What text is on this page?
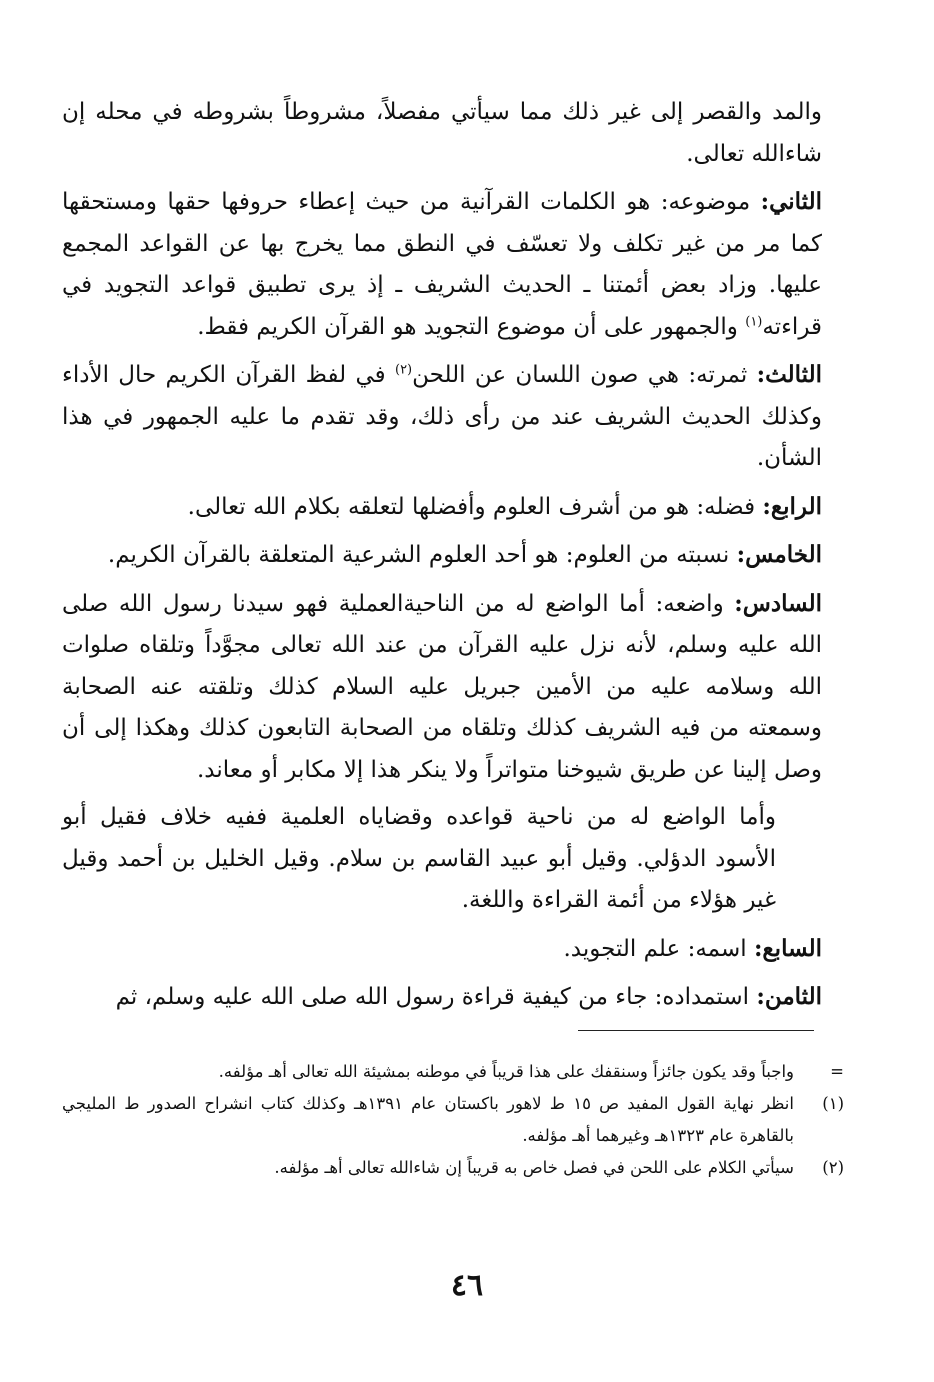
والمد والقصر إلى غير ذلك مما سيأتي مفصلاً، مشروطاً بشروطه في محله إن شاءالله تعالى.

الثاني: موضوعه: هو الكلمات القرآنية من حيث إعطاء حروفها حقها ومستحقها كما مر من غير تكلف ولا تعسّف في النطق مما يخرج بها عن القواعد المجمع عليها. وزاد بعض أئمتنا ـ الحديث الشريف ـ إذ يرى تطبيق قواعد التجويد في قراءته$^{(١)}$ والجمهور على أن موضوع التجويد هو القرآن الكريم فقط.

الثالث: ثمرته: هي صون اللسان عن اللحن$^{(٢)}$ في لفظ القرآن الكريم حال الأداء وكذلك الحديث الشريف عند من رأى ذلك، وقد تقدم ما عليه الجمهور في هذا الشأن.

الرابع: فضله: هو من أشرف العلوم وأفضلها لتعلقه بكلام الله تعالى.

الخامس: نسبته من العلوم: هو أحد العلوم الشرعية المتعلقة بالقرآن الكريم.

السادس: واضعه: أما الواضع له من الناحيةالعملية فهو سيدنا رسول الله صلى الله عليه وسلم، لأنه نزل عليه القرآن من عند الله تعالى مجوَّداً وتلقاه صلوات الله وسلامه عليه من الأمين جبريل عليه السلام كذلك وتلقته عنه الصحابة وسمعته من فيه الشريف كذلك وتلقاه من الصحابة التابعون كذلك وهكذا إلى أن وصل إلينا عن طريق شيوخنا متواتراً ولا ينكر هذا إلا مكابر أو معاند.

وأما الواضع له من ناحية قواعده وقضاياه العلمية ففيه خلاف فقيل أبو الأسود الدؤلي. وقيل أبو عبيد القاسم بن سلام. وقيل الخليل بن أحمد وقيل غير هؤلاء من أئمة القراءة واللغة.

السابع: اسمه: علم التجويد.

الثامن: استمداده: جاء من كيفية قراءة رسول الله صلى الله عليه وسلم، ثم

=
واجباً وقد يكون جائزاً وسنقفك على هذا قريباً في موطنه بمشيئة الله تعالى أهـ مؤلفه.
(١)
انظر نهاية القول المفيد ص ١٥ ط لاهور باكستان عام ١٣٩١هـ وكذلك كتاب انشراح الصدور ط المليجي بالقاهرة عام ١٣٢٣هـ وغيرهما أهـ مؤلفه.
(٢)
سيأتي الكلام على اللحن في فصل خاص به قريباً إن شاءالله تعالى أهـ مؤلفه.
٤٦
